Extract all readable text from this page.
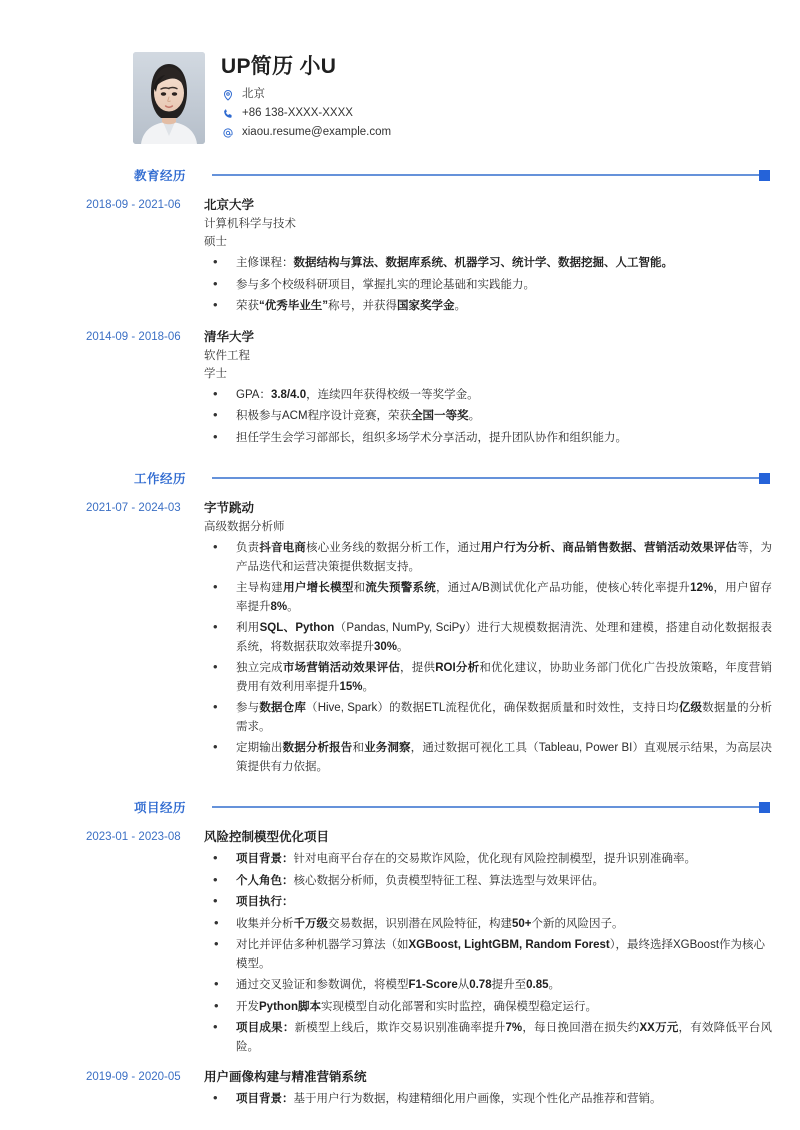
UP简历 小U
北京
+86 138-XXXX-XXXX
xiaou.resume@example.com
教育经历
2018-09 - 2021-06	北京大学
计算机科学与技术
硕士
• 主修课程：数据结构与算法、数据库系统、机器学习、统计学、数据挖掘、人工智能。
• 参与多个校级科研项目，掌握扎实的理论基础和实践能力。
• 荣获“优秀毕业生”称号，并获得国家奖学金。
2014-09 - 2018-06	清华大学
软件工程
学士
• GPA：3.8/4.0，连续四年获得校级一等奖学金。
• 积极参与ACM程序设计竞赛，荣获全国一等奖。
• 担任学生会学习部部长，组织多场学术分享活动，提升团队协作和组织能力。
工作经历
2021-07 - 2024-03	字节跳动
高级数据分析师
• 负责抖音电商核心业务线的数据分析工作，通过用户行为分析、商品销售数据、营销活动效果评估等，为产品迭代和运营决策提供数据支持。
• 主导构建用户增长模型和流失预警系统，通过A/B测试优化产品功能，使核心转化率提升12%，用户留存率提升8%。
• 利用SQL、Python（Pandas, NumPy, SciPy）进行大规模数据清洗、处理和建模，搭建自动化数据报表系统，将数据获取效率提升30%。
• 独立完成市场营销活动效果评估，提供ROI分析和优化建议，协助业务部门优化广告投放策略，年度营销费用有效利用率提升15%。
• 参与数据仓库（Hive, Spark）的数据ETL流程优化，确保数据质量和时效性，支持日均亿级数据量的分析需求。
• 定期输出数据分析报告和业务洞察，通过数据可视化工具（Tableau, Power BI）直观展示结果，为高层决策提供有力依据。
项目经历
2023-01 - 2023-08	风险控制模型优化项目
• 项目背景：针对电商平台存在的交易欺诈风险，优化现有风险控制模型，提升识别准确率。
• 个人角色：核心数据分析师，负责模型特征工程、算法选型与效果评估。
• 项目执行：
• 收集并分析千万级交易数据，识别潜在风险特征，构建50+个新的风险因子。
• 对比并评估多种机器学习算法（如XGBoost, LightGBM, Random Forest），最终选择XGBoost作为核心模型。
• 通过交叉验证和参数调优，将模型F1-Score从0.78提升至0.85。
• 开发Python脚本实现模型自动化部署和实时监控，确保模型稳定运行。
• 项目成果：新模型上线后，欺诈交易识别准确率提升7%，每日挽回潜在损失约XX万元，有效降低平台风险。
2019-09 - 2020-05	用户画像构建与精准营销系统
• 项目背景：基于用户行为数据，构建精细化用户画像，实现个性化产品推荐和营销。
